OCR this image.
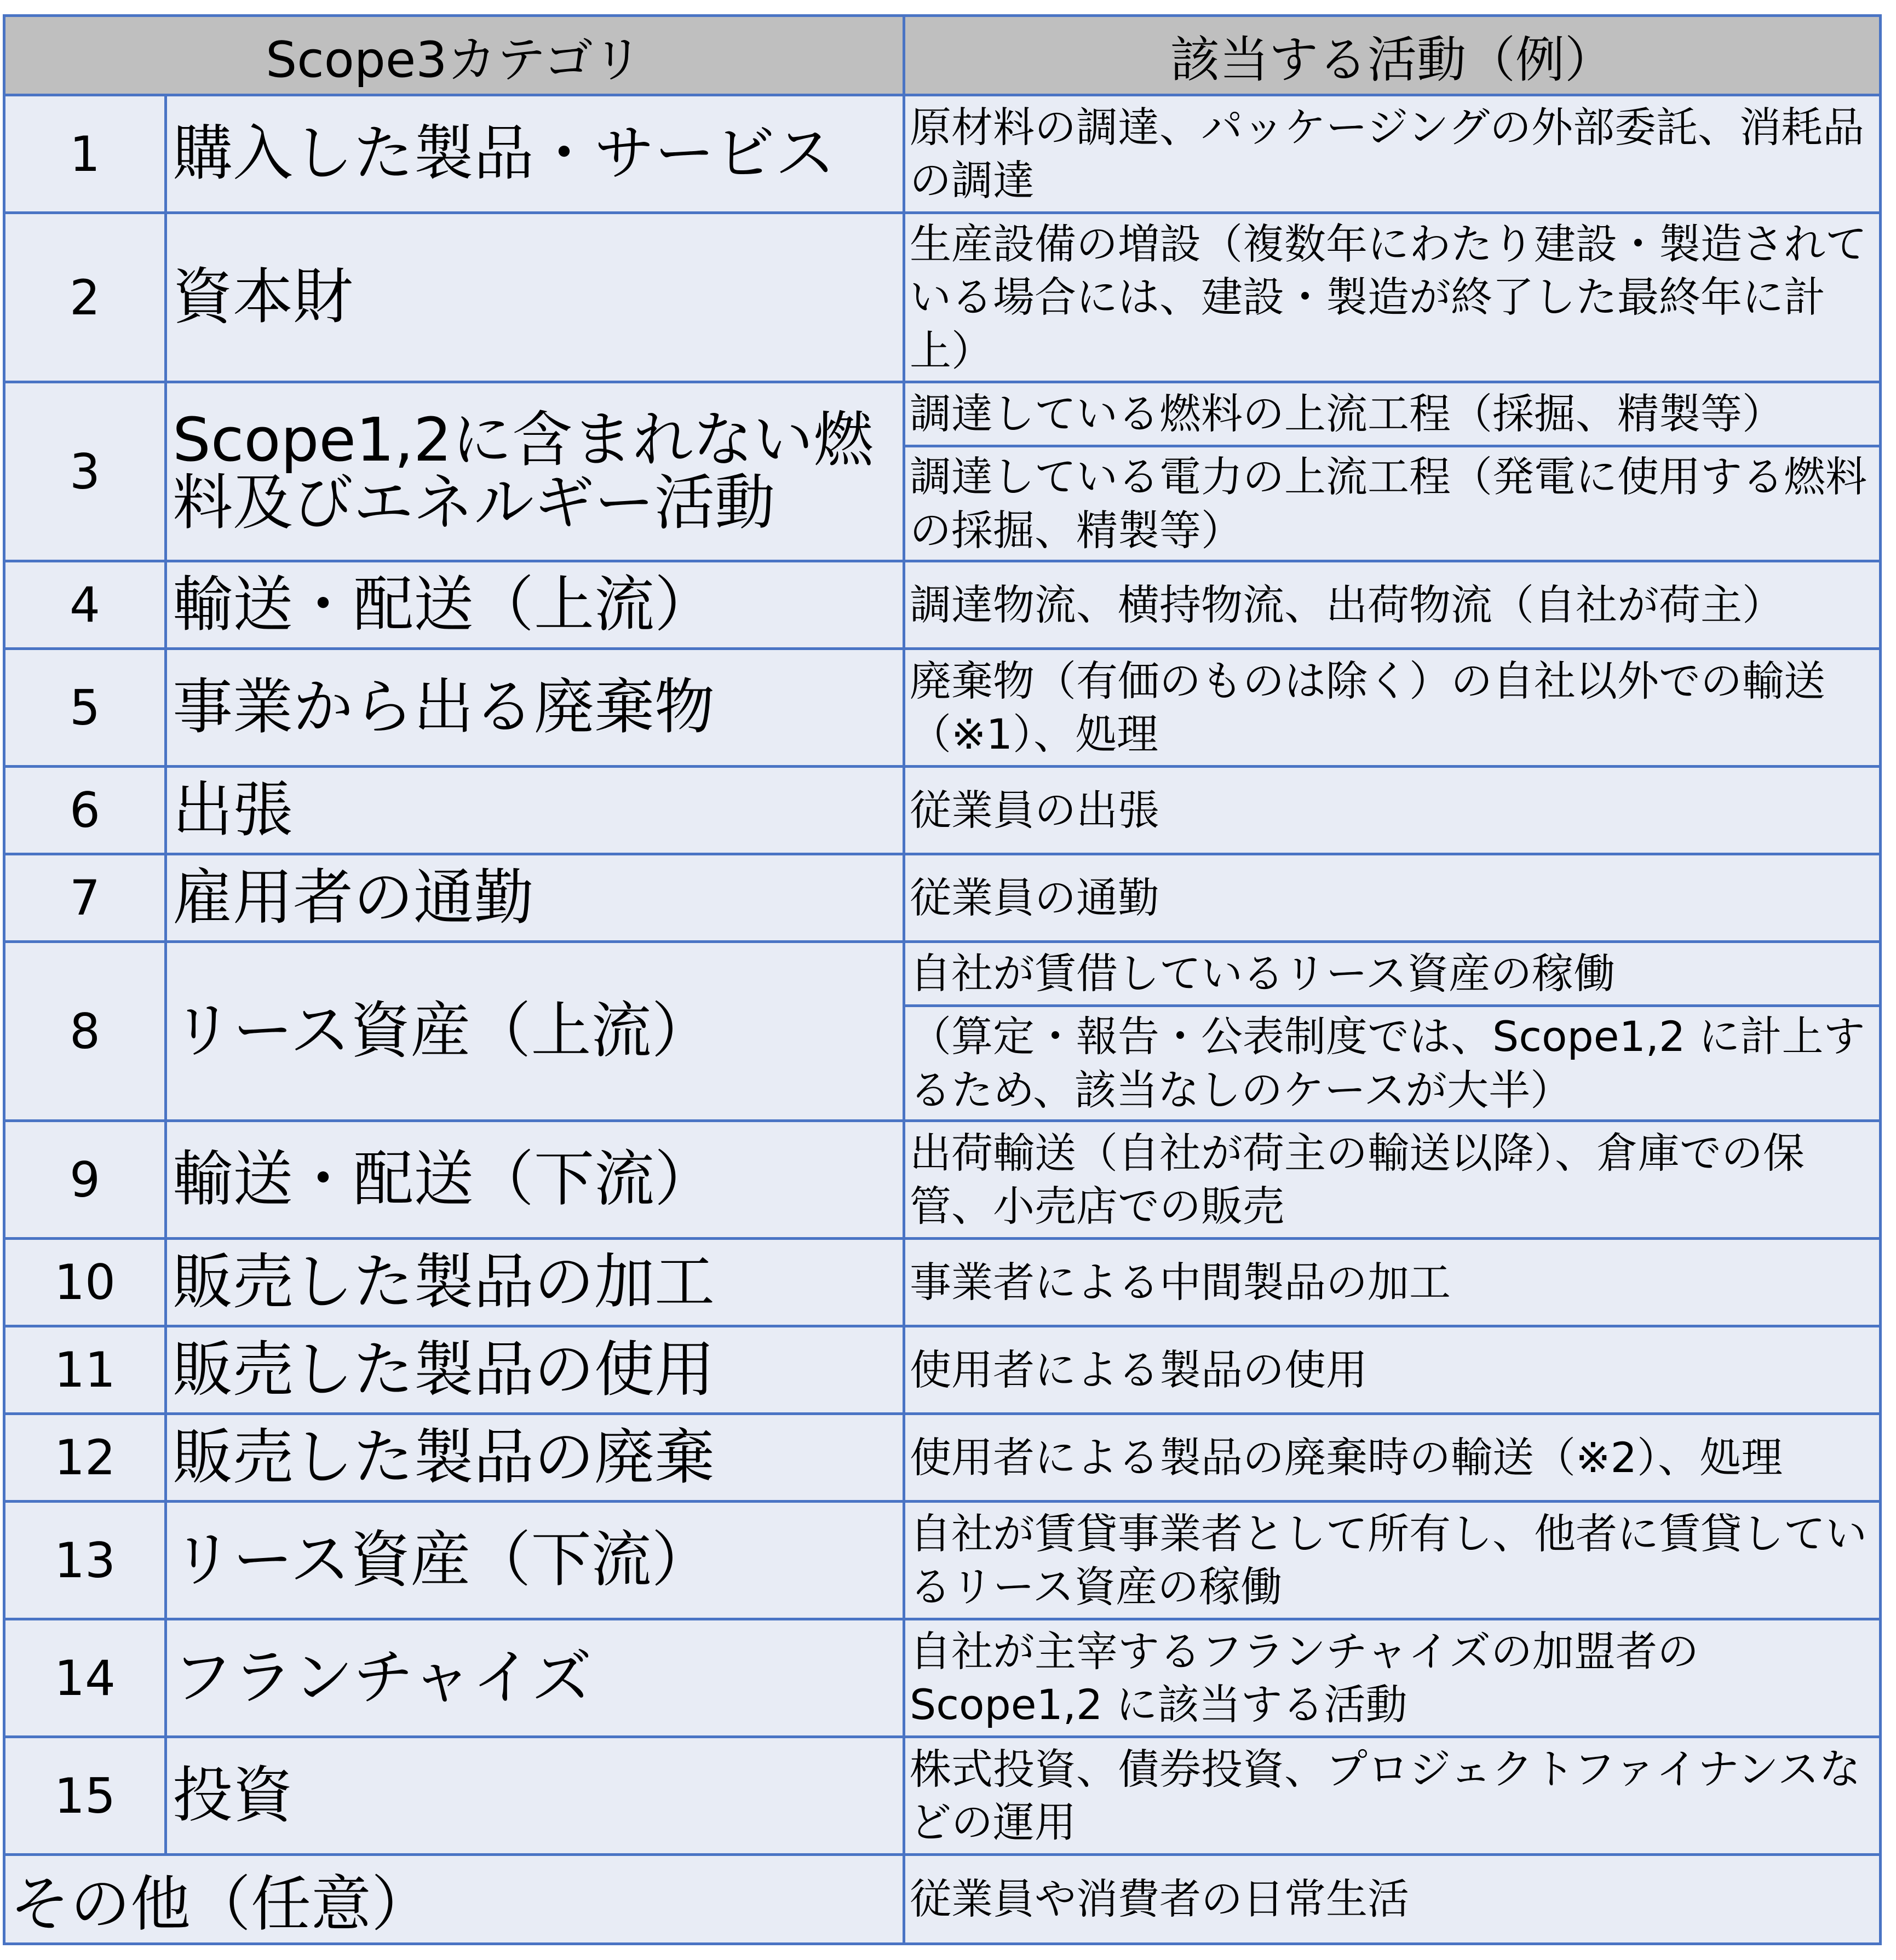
Scope3カテゴリ		該当する活動（例）
1	購入した製品・サービス	原材料の調達、パッケージングの外部委託、消耗品の調達
2	資本財	生産設備の増設（複数年にわたり建設・製造されている場合には、建設・製造が終了した最終年に計上）
3	Scope1,2に含まれない燃料及びエネルギー活動	調達している燃料の上流工程（採掘、精製等）
		調達している電力の上流工程（発電に使用する燃料の採掘、精製等）
4	輸送・配送（上流）	調達物流、横持物流、出荷物流（自社が荷主）
5	事業から出る廃棄物	廃棄物（有価のものは除く）の自社以外での輸送（※1）、処理
6	出張	従業員の出張
7	雇用者の通勤	従業員の通勤
8	リース資産（上流）	自社が賃借しているリース資産の稼働
		（算定・報告・公表制度では、Scope1,2 に計上するため、該当なしのケースが大半）
9	輸送・配送（下流）	出荷輸送（自社が荷主の輸送以降）、倉庫での保管、小売店での販売
10	販売した製品の加工	事業者による中間製品の加工
11	販売した製品の使用	使用者による製品の使用
12	販売した製品の廃棄	使用者による製品の廃棄時の輸送（※2）、処理
13	リース資産（下流）	自社が賃貸事業者として所有し、他者に賃貸しているリース資産の稼働
14	フランチャイズ	自社が主宰するフランチャイズの加盟者のScope1,2 に該当する活動
15	投資	株式投資、債券投資、プロジェクトファイナンスなどの運用
その他（任意）		従業員や消費者の日常生活
